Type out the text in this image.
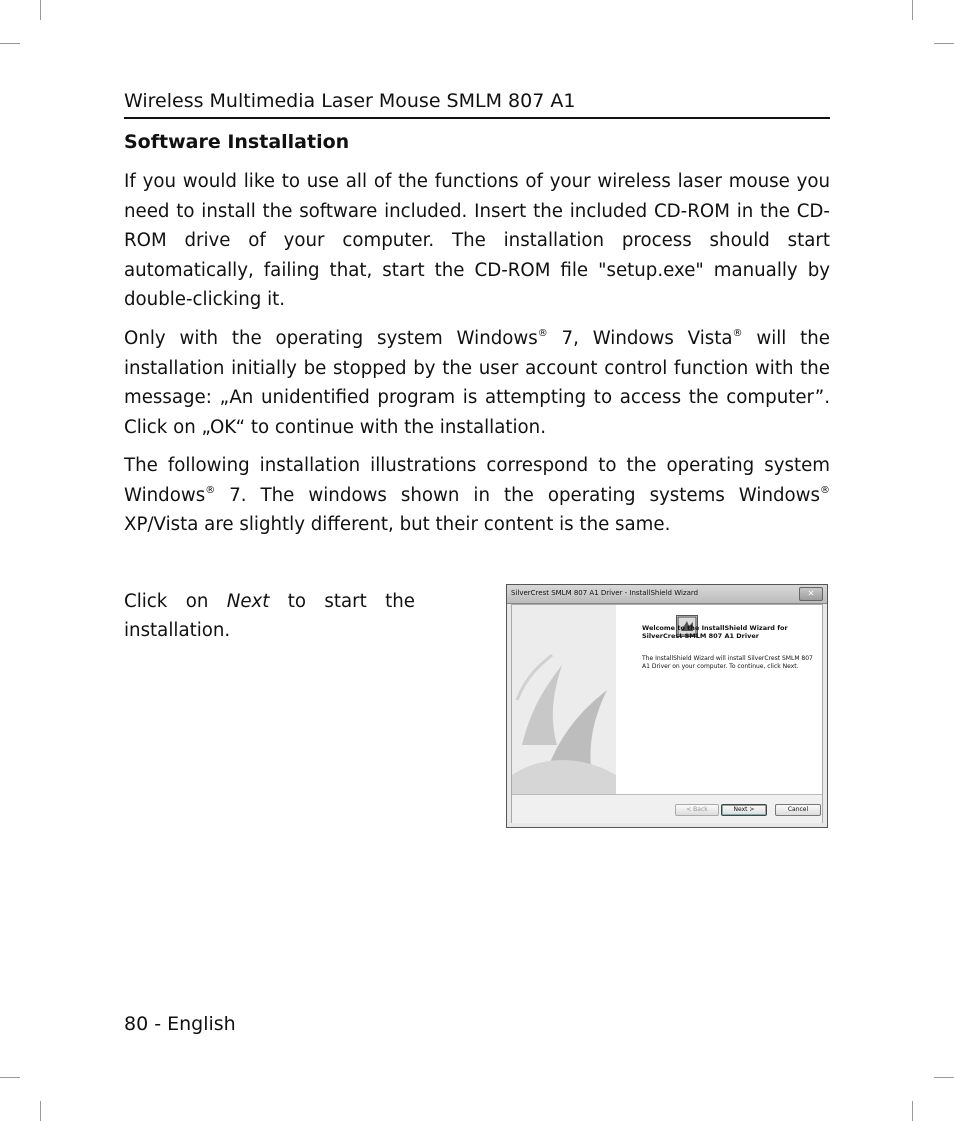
Wireless Multimedia Laser Mouse SMLM 807 A1
Software Installation

If you would like to use all of the functions of your wireless laser mouse you need to install the software included. Insert the included CD-ROM in the CD-ROM drive of your computer. The installation process should start automatically, failing that, start the CD-ROM file "setup.exe" manually by double-clicking it.

Only with the operating system Windows® 7, Windows Vista® will the installation initially be stopped by the user account control function with the message: „An unidentified program is attempting to access the computer”. Click on „OK“ to continue with the installation.

The following installation illustrations correspond to the operating system Windows® 7. The windows shown in the operating systems Windows® XP/Vista are slightly different, but their content is the same.

Click on Next to start the installation.
SilverCrest SMLM 807 A1 Driver - InstallShield Wizard	✕
Welcome to the InstallShield Wizard for SilverCrest SMLM 807 A1 Driver
The InstallShield Wizard will install SilverCrest SMLM 807 A1 Driver on your computer. To continue, click Next.
< Back	Next >	Cancel
80 - English
